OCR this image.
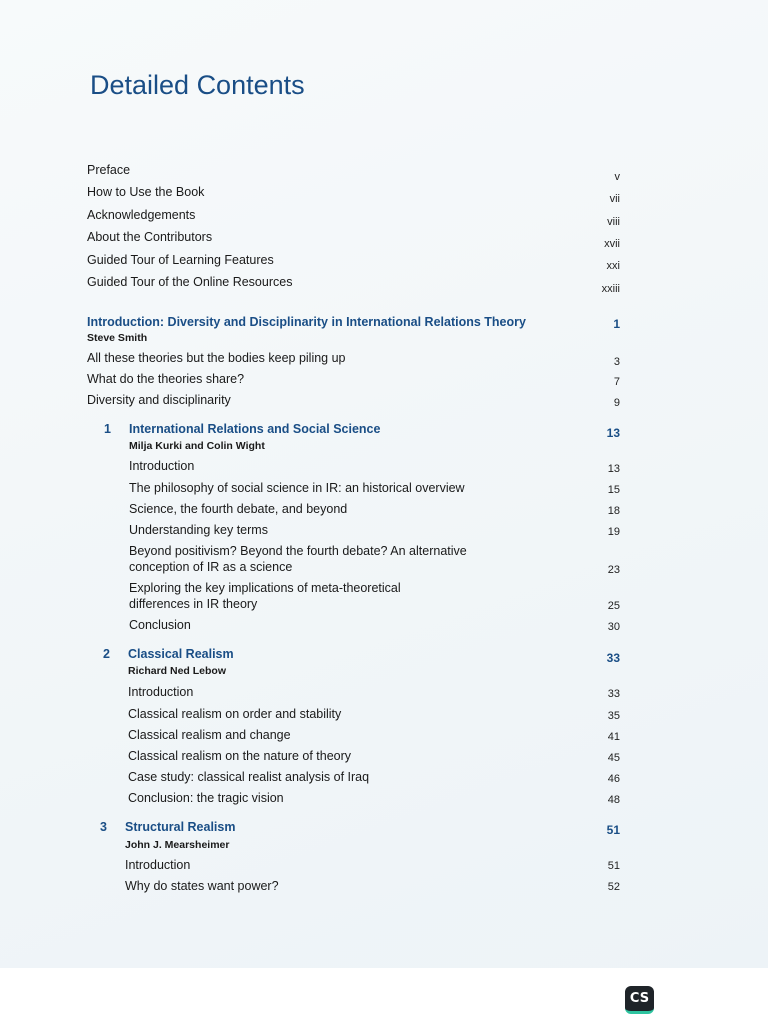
Detailed Contents
Preface	v
How to Use the Book	vii
Acknowledgements	viii
About the Contributors	xvii
Guided Tour of Learning Features	xxi
Guided Tour of the Online Resources	xxiii
Introduction: Diversity and Disciplinarity in International Relations Theory	1
Steve Smith
All these theories but the bodies keep piling up	3
What do the theories share?	7
Diversity and disciplinarity	9
1 International Relations and Social Science	13
Milja Kurki and Colin Wight
Introduction	13
The philosophy of social science in IR: an historical overview	15
Science, the fourth debate, and beyond	18
Understanding key terms	19
Beyond positivism? Beyond the fourth debate? An alternative
conception of IR as a science	23
Exploring the key implications of meta-theoretical
differences in IR theory	25
Conclusion	30
2 Classical Realism	33
Richard Ned Lebow
Introduction	33
Classical realism on order and stability	35
Classical realism and change	41
Classical realism on the nature of theory	45
Case study: classical realist analysis of Iraq	46
Conclusion: the tragic vision	48
3 Structural Realism	51
John J. Mearsheimer
Introduction	51
Why do states want power?	52
CS
